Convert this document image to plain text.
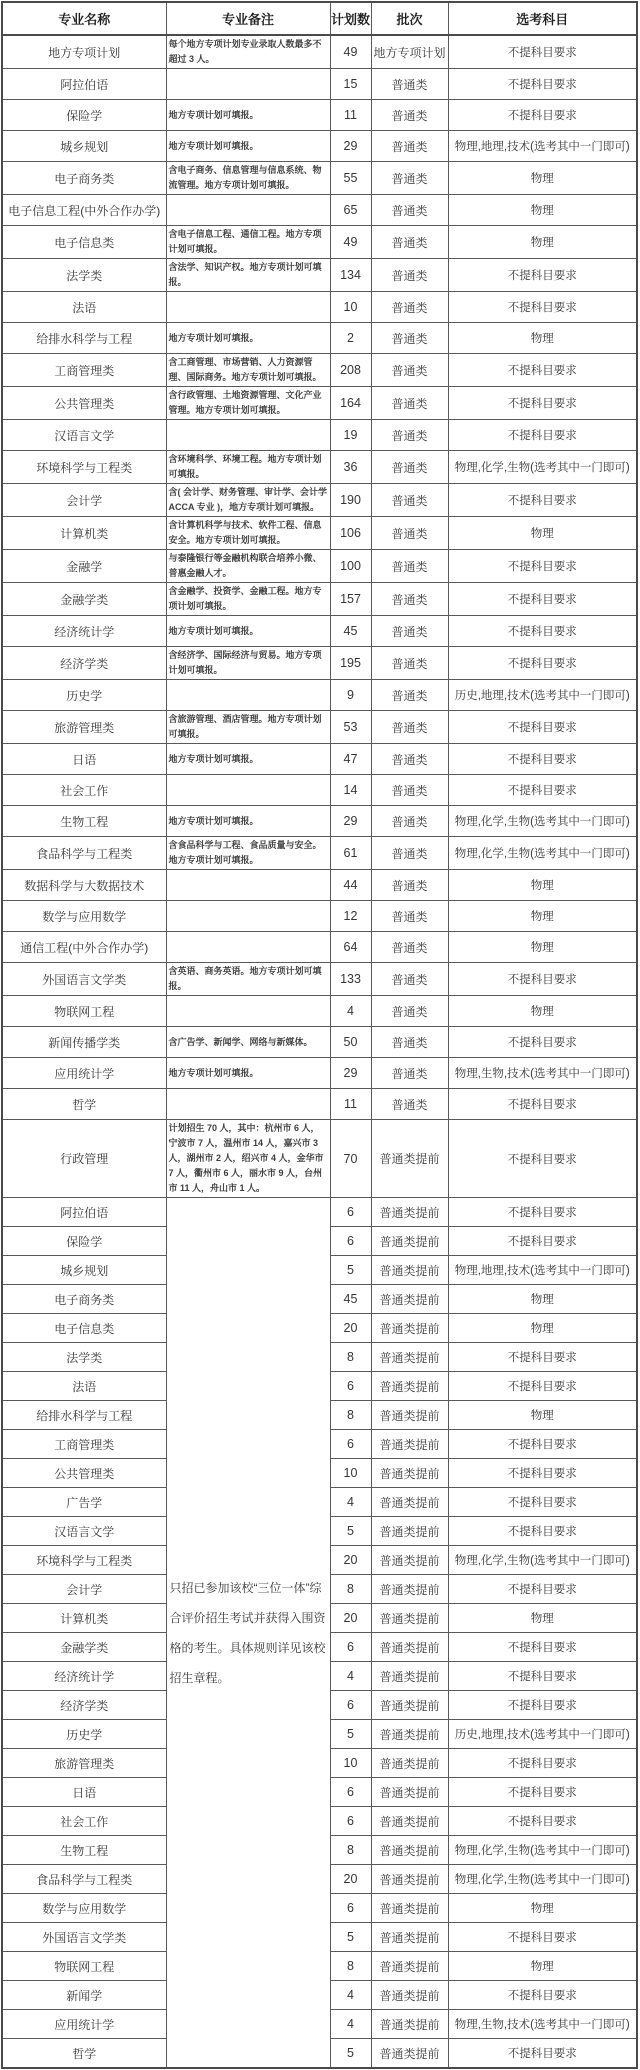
专业名称	专业备注	计划数	批次	选考科目
地方专项计划	每个地方专项计划专业录取人数最多不超过 3 人。	49	地方专项计划	不提科目要求
阿拉伯语		15	普通类	不提科目要求
保险学	地方专项计划可填报。	11	普通类	不提科目要求
城乡规划	地方专项计划可填报。	29	普通类	物理,地理,技术(选考其中一门即可)
电子商务类	含电子商务、信息管理与信息系统、物流管理。地方专项计划可填报。	55	普通类	物理
电子信息工程(中外合作办学)		65	普通类	物理
电子信息类	含电子信息工程、通信工程。地方专项计划可填报。	49	普通类	物理
法学类	含法学、知识产权。地方专项计划可填报。	134	普通类	不提科目要求
法语		10	普通类	不提科目要求
给排水科学与工程	地方专项计划可填报。	2	普通类	物理
工商管理类	含工商管理、市场营销、人力资源管理、国际商务。地方专项计划可填报。	208	普通类	不提科目要求
公共管理类	含行政管理、土地资源管理、文化产业管理。地方专项计划可填报。	164	普通类	不提科目要求
汉语言文学		19	普通类	不提科目要求
环境科学与工程类	含环境科学、环境工程。地方专项计划可填报。	36	普通类	物理,化学,生物(选考其中一门即可)
会计学	含( 会计学、财务管理、审计学、会计学 ACCA 专业 )，地方专项计划可填报。	190	普通类	不提科目要求
计算机类	含计算机科学与技术、软件工程、信息安全。地方专项计划可填报。	106	普通类	物理
金融学	与泰隆银行等金融机构联合培养小微、普惠金融人才。	100	普通类	不提科目要求
金融学类	含金融学、投资学、金融工程。地方专项计划可填报。	157	普通类	不提科目要求
经济统计学	地方专项计划可填报。	45	普通类	不提科目要求
经济学类	含经济学、国际经济与贸易。地方专项计划可填报。	195	普通类	不提科目要求
历史学		9	普通类	历史,地理,技术(选考其中一门即可)
旅游管理类	含旅游管理、酒店管理。地方专项计划可填报。	53	普通类	不提科目要求
日语	地方专项计划可填报。	47	普通类	不提科目要求
社会工作		14	普通类	不提科目要求
生物工程	地方专项计划可填报。	29	普通类	物理,化学,生物(选考其中一门即可)
食品科学与工程类	含食品科学与工程、食品质量与安全。地方专项计划可填报。	61	普通类	物理,化学,生物(选考其中一门即可)
数据科学与大数据技术		44	普通类	物理
数学与应用数学		12	普通类	物理
通信工程(中外合作办学)		64	普通类	物理
外国语言文学类	含英语、商务英语。地方专项计划可填报。	133	普通类	不提科目要求
物联网工程		4	普通类	物理
新闻传播学类	含广告学、新闻学、网络与新媒体。	50	普通类	不提科目要求
应用统计学	地方专项计划可填报。	29	普通类	物理,生物,技术(选考其中一门即可)
哲学		11	普通类	不提科目要求
行政管理	计划招生 70 人，其中：杭州市 6 人，宁波市 7 人，温州市 14 人，嘉兴市 3 人，湖州市 2 人，绍兴市 4 人，金华市 7 人，衢州市 6 人，丽水市 9 人，台州市 11 人，舟山市 1 人。	70	普通类提前	不提科目要求
阿拉伯语	只招已参加该校“三位一体”综合评价招生考试并获得入围资格的考生。具体规则详见该校招生章程。	6	普通类提前	不提科目要求
保险学		6	普通类提前	不提科目要求
城乡规划		5	普通类提前	物理,地理,技术(选考其中一门即可)
电子商务类		45	普通类提前	物理
电子信息类		20	普通类提前	物理
法学类		8	普通类提前	不提科目要求
法语		6	普通类提前	不提科目要求
给排水科学与工程		8	普通类提前	物理
工商管理类		6	普通类提前	不提科目要求
公共管理类		10	普通类提前	不提科目要求
广告学		4	普通类提前	不提科目要求
汉语言文学		5	普通类提前	不提科目要求
环境科学与工程类		20	普通类提前	物理,化学,生物(选考其中一门即可)
会计学		8	普通类提前	不提科目要求
计算机类		20	普通类提前	物理
金融学类		6	普通类提前	不提科目要求
经济统计学		4	普通类提前	不提科目要求
经济学类		6	普通类提前	不提科目要求
历史学		5	普通类提前	历史,地理,技术(选考其中一门即可)
旅游管理类		10	普通类提前	不提科目要求
日语		6	普通类提前	不提科目要求
社会工作		6	普通类提前	不提科目要求
生物工程		8	普通类提前	物理,化学,生物(选考其中一门即可)
食品科学与工程类		20	普通类提前	物理,化学,生物(选考其中一门即可)
数学与应用数学		6	普通类提前	物理
外国语言文学类		5	普通类提前	不提科目要求
物联网工程		8	普通类提前	物理
新闻学		4	普通类提前	不提科目要求
应用统计学		4	普通类提前	物理,生物,技术(选考其中一门即可)
哲学		5	普通类提前	不提科目要求
